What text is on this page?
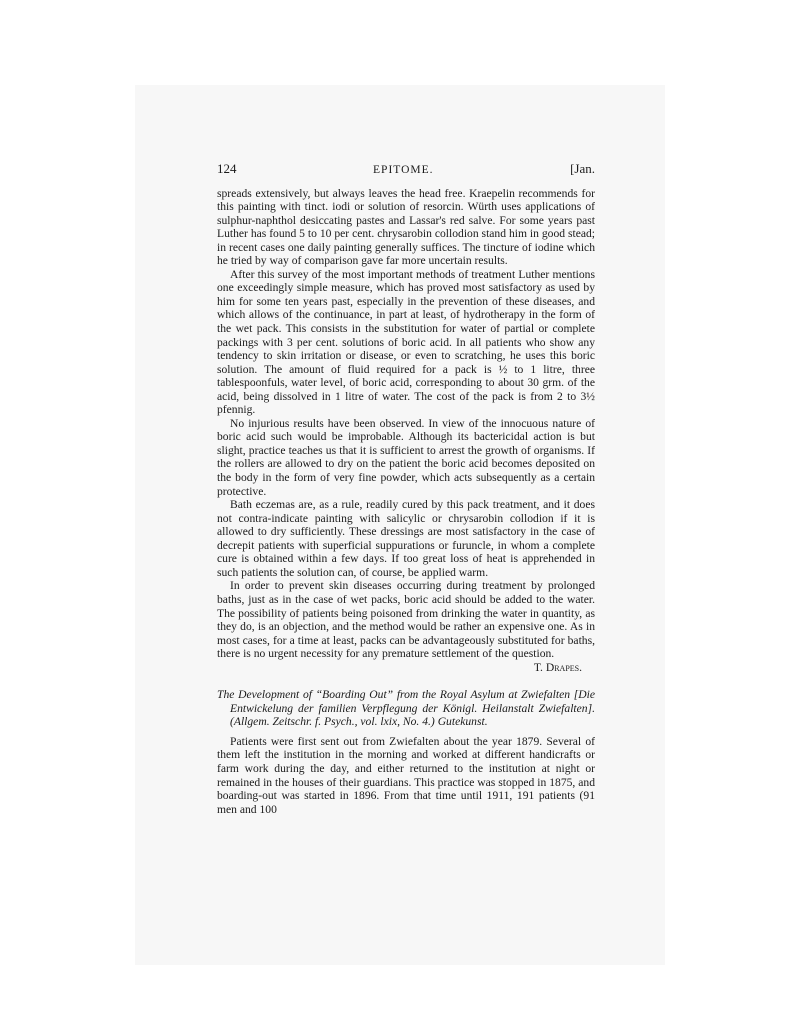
124	EPITOME.	[Jan.

spreads extensively, but always leaves the head free. Kraepelin recommends for this painting with tinct. iodi or solution of resorcin. Würth uses applications of sulphur-naphthol desiccating pastes and Lassar's red salve. For some years past Luther has found 5 to 10 per cent. chrysarobin collodion stand him in good stead; in recent cases one daily painting generally suffices. The tincture of iodine which he tried by way of comparison gave far more uncertain results.

After this survey of the most important methods of treatment Luther mentions one exceedingly simple measure, which has proved most satisfactory as used by him for some ten years past, especially in the prevention of these diseases, and which allows of the continuance, in part at least, of hydrotherapy in the form of the wet pack. This consists in the substitution for water of partial or complete packings with 3 per cent. solutions of boric acid. In all patients who show any tendency to skin irritation or disease, or even to scratching, he uses this boric solution. The amount of fluid required for a pack is ½ to 1 litre, three tablespoonfuls, water level, of boric acid, corresponding to about 30 grm. of the acid, being dissolved in 1 litre of water. The cost of the pack is from 2 to 3½ pfennig.

No injurious results have been observed. In view of the innocuous nature of boric acid such would be improbable. Although its bactericidal action is but slight, practice teaches us that it is sufficient to arrest the growth of organisms. If the rollers are allowed to dry on the patient the boric acid becomes deposited on the body in the form of very fine powder, which acts subsequently as a certain protective.

Bath eczemas are, as a rule, readily cured by this pack treatment, and it does not contra-indicate painting with salicylic or chrysarobin collodion if it is allowed to dry sufficiently. These dressings are most satisfactory in the case of decrepit patients with superficial suppurations or furuncle, in whom a complete cure is obtained within a few days. If too great loss of heat is apprehended in such patients the solution can, of course, be applied warm.

In order to prevent skin diseases occurring during treatment by prolonged baths, just as in the case of wet packs, boric acid should be added to the water. The possibility of patients being poisoned from drinking the water in quantity, as they do, is an objection, and the method would be rather an expensive one. As in most cases, for a time at least, packs can be advantageously substituted for baths, there is no urgent necessity for any premature settlement of the question.

T. Drapes.
The Development of “Boarding Out” from the Royal Asylum at Zwiefalten [Die Entwickelung der familien Verpflegung der Königl. Heilanstalt Zwiefalten]. (Allgem. Zeitschr. f. Psych., vol. lxix, No. 4.) Gutekunst.

Patients were first sent out from Zwiefalten about the year 1879. Several of them left the institution in the morning and worked at different handicrafts or farm work during the day, and either returned to the institution at night or remained in the houses of their guardians. This practice was stopped in 1875, and boarding-out was started in 1896. From that time until 1911, 191 patients (91 men and 100
